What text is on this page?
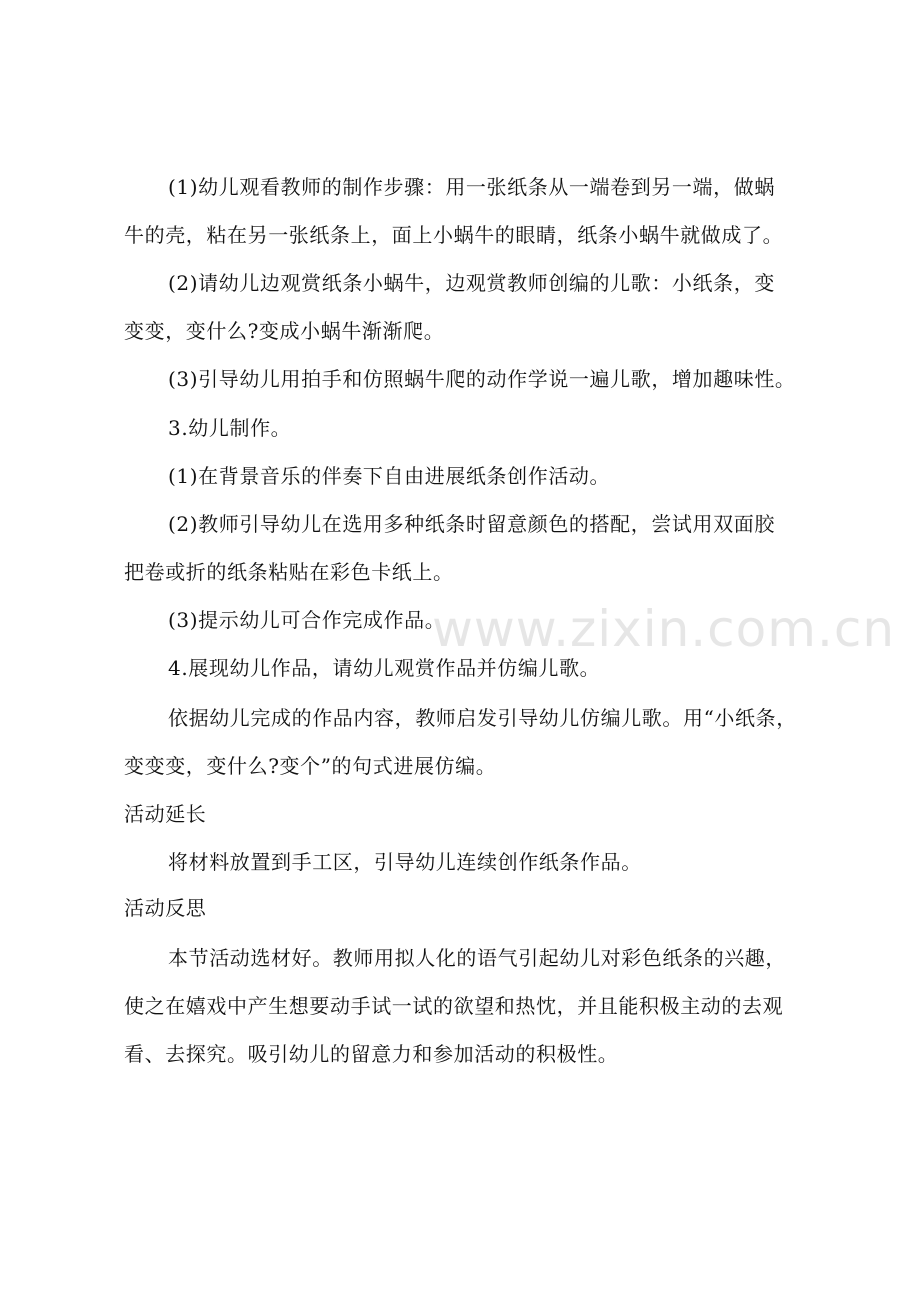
www.zixin.com.cn

(1)幼儿观看教师的制作步骤：用一张纸条从一端卷到另一端，做蜗
牛的壳，粘在另一张纸条上，面上小蜗牛的眼睛，纸条小蜗牛就做成了。

(2)请幼儿边观赏纸条小蜗牛，边观赏教师创编的儿歌：小纸条，变
变变，变什么?变成小蜗牛渐渐爬。

(3)引导幼儿用拍手和仿照蜗牛爬的动作学说一遍儿歌，增加趣味性。

3.幼儿制作。

(1)在背景音乐的伴奏下自由进展纸条创作活动。

(2)教师引导幼儿在选用多种纸条时留意颜色的搭配，尝试用双面胶
把卷或折的纸条粘贴在彩色卡纸上。

(3)提示幼儿可合作完成作品。

4.展现幼儿作品，请幼儿观赏作品并仿编儿歌。

依据幼儿完成的作品内容，教师启发引导幼儿仿编儿歌。用“小纸条，
变变变，变什么?变个”的句式进展仿编。

活动延长

将材料放置到手工区，引导幼儿连续创作纸条作品。

活动反思

本节活动选材好。教师用拟人化的语气引起幼儿对彩色纸条的兴趣，
使之在嬉戏中产生想要动手试一试的欲望和热忱，并且能积极主动的去观
看、去探究。吸引幼儿的留意力和参加活动的积极性。
